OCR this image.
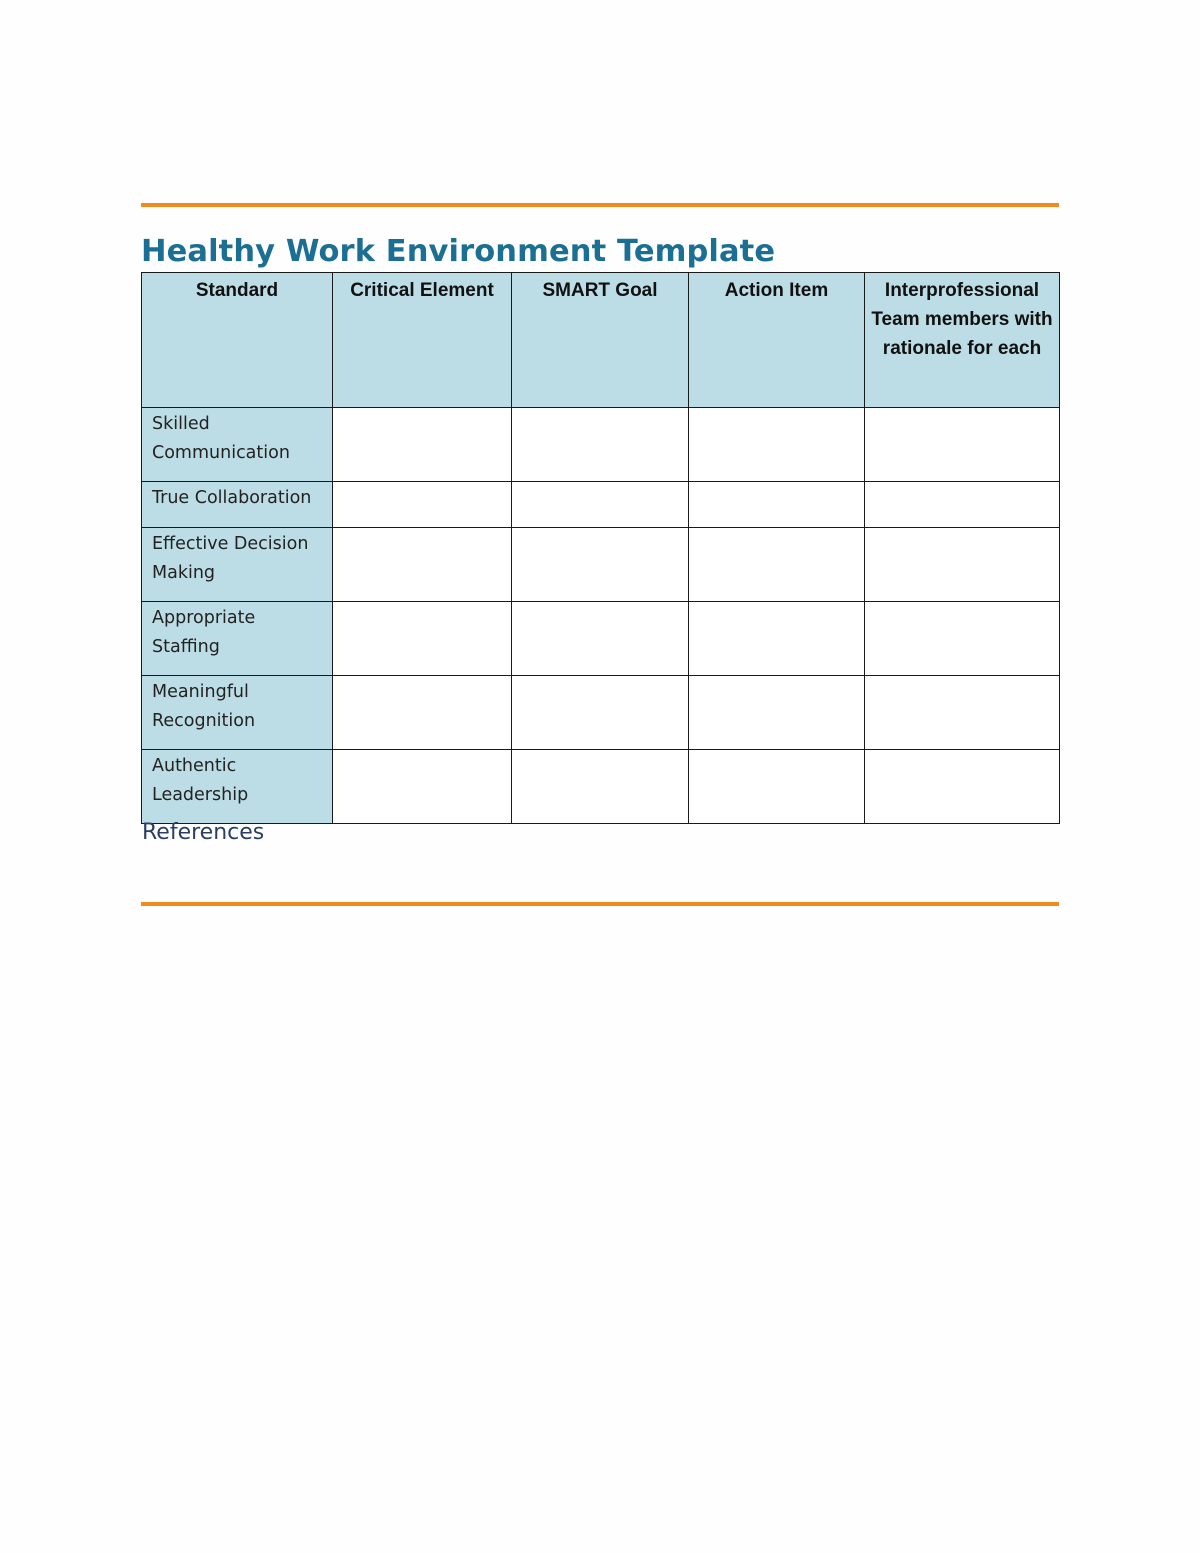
Healthy Work Environment Template
Standard	Critical Element	SMART Goal	Action Item	Interprofessional Team members with rationale for each
Skilled Communication				
True Collaboration				
Effective Decision Making				
Appropriate Staffing				
Meaningful Recognition				
Authentic Leadership				
References
